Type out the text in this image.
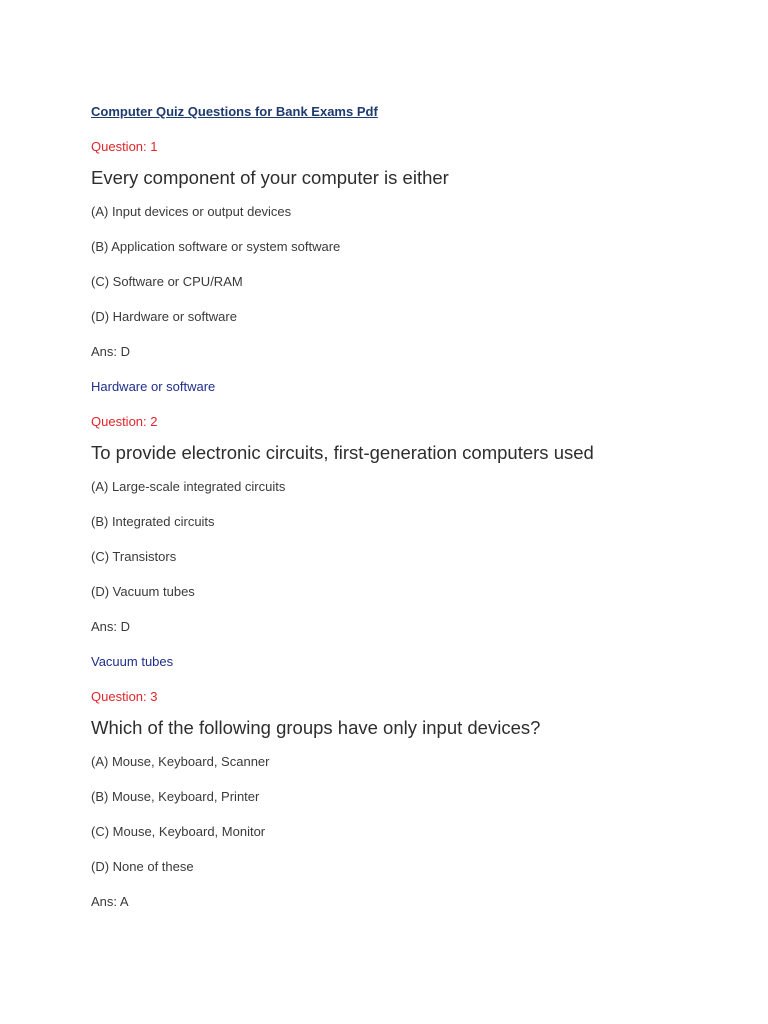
Computer Quiz Questions for Bank Exams Pdf
Question: 1
Every component of your computer is either
(A) Input devices or output devices
(B) Application software or system software
(C) Software or CPU/RAM
(D) Hardware or software
Ans: D
Hardware or software
Question: 2
To provide electronic circuits, first-generation computers used
(A) Large-scale integrated circuits
(B) Integrated circuits
(C) Transistors
(D) Vacuum tubes
Ans: D
Vacuum tubes
Question: 3
Which of the following groups have only input devices?
(A) Mouse, Keyboard, Scanner
(B) Mouse, Keyboard, Printer
(C) Mouse, Keyboard, Monitor
(D) None of these
Ans: A
